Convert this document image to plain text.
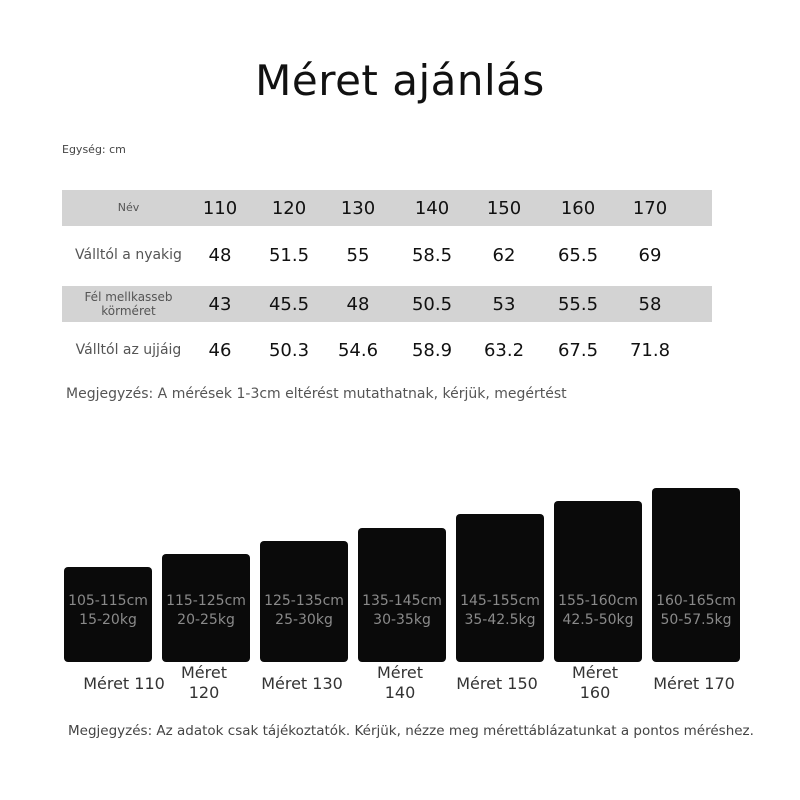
Méret ajánlás
Egység: cm
Név	110	120	130	140	150	160	170
Válltól a nyakig	48	51.5	55	58.5	62	65.5	69
Fél mellkasseb körméret	43	45.5	48	50.5	53	55.5	58
Válltól az ujjáig	46	50.3	54.6	58.9	63.2	67.5	71.8
Megjegyzés: A mérések 1-3cm eltérést mutathatnak, kérjük, megértést
105-115cm
15-20kg
115-125cm
20-25kg
125-135cm
25-30kg
135-145cm
30-35kg
145-155cm
35-42.5kg
155-160cm
42.5-50kg
160-165cm
50-57.5kg
Méret 110
Méret 120	Méret 130
Méret 140	Méret 150
Méret 160	Méret 170
Megjegyzés: Az adatok csak tájékoztatók. Kérjük, nézze meg mérettáblázatunkat a pontos méréshez.
